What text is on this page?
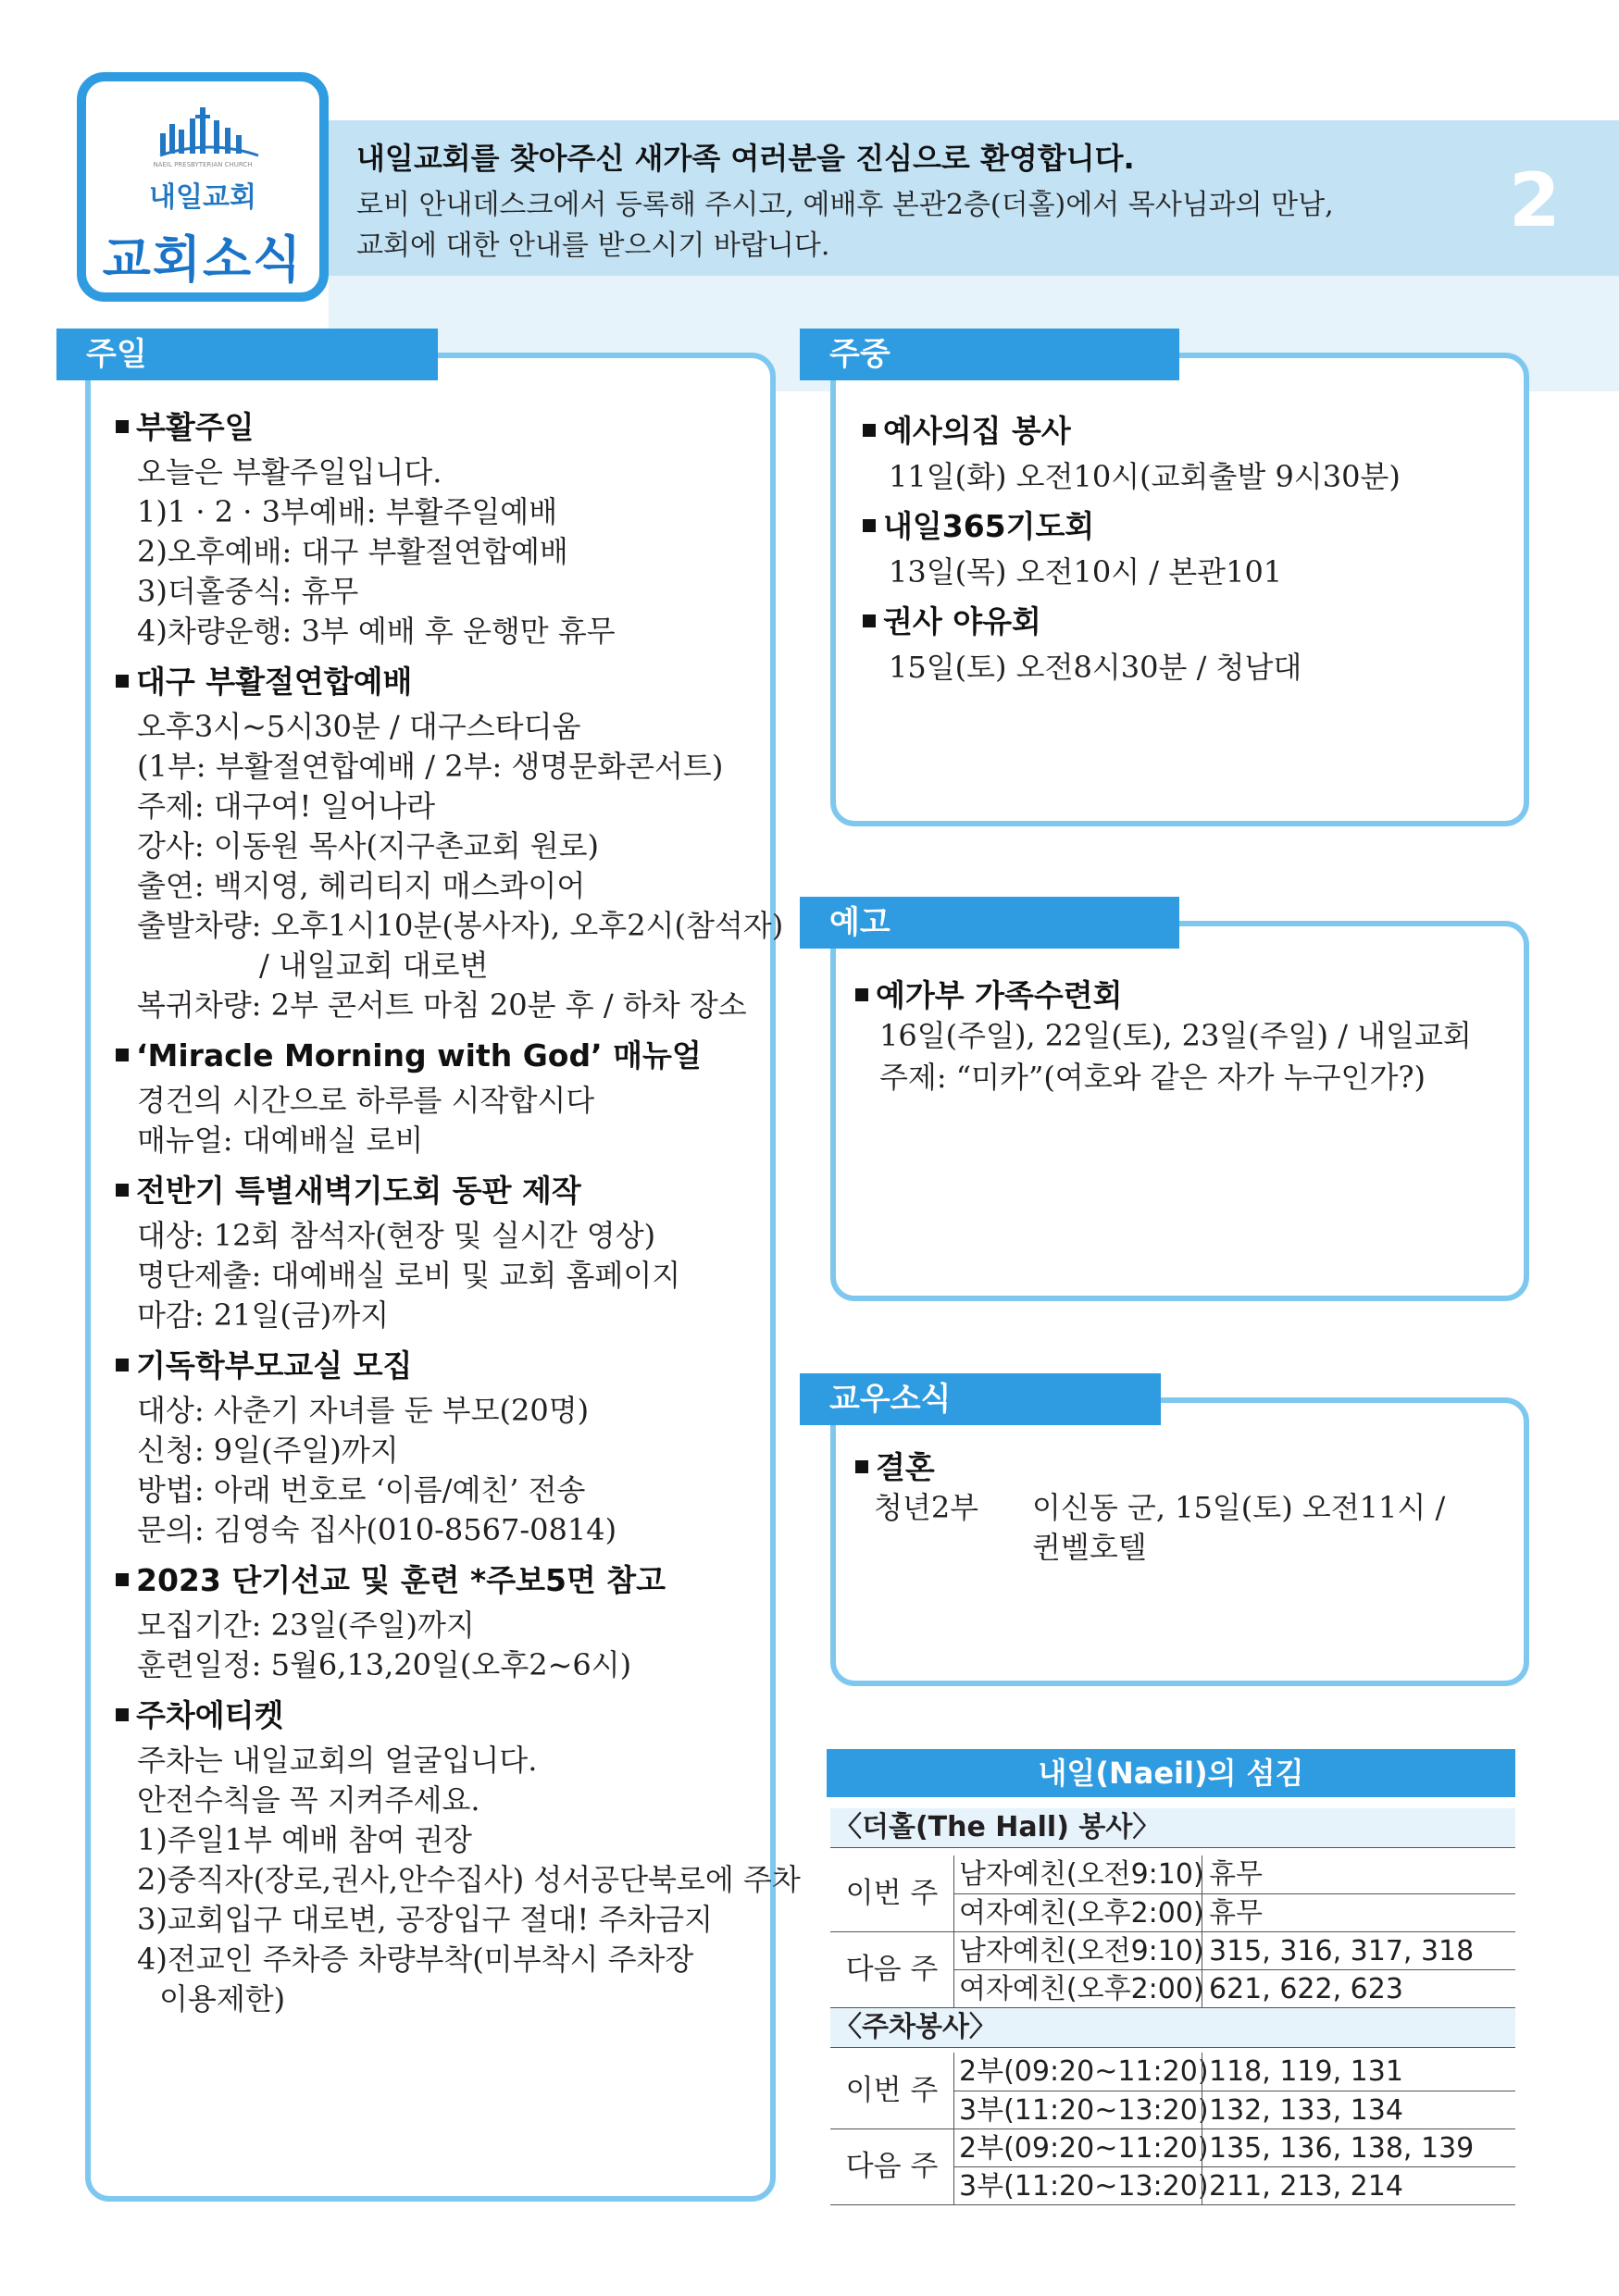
NAEIL PRESBYTERIAN CHURCH
내일교회
교회소식
내일교회를 찾아주신 새가족 여러분을 진심으로 환영합니다.
로비 안내데스크에서 등록해 주시고, 예배후 본관2층(더홀)에서 목사님과의 만남,
교회에 대한 안내를 받으시기 바랍니다.
2
주일
부활주일
오늘은 부활주일입니다.
1)1 · 2 · 3부예배: 부활주일예배
2)오후예배: 대구 부활절연합예배
3)더홀중식: 휴무
4)차량운행: 3부 예배 후 운행만 휴무
대구 부활절연합예배
오후3시~5시30분 / 대구스타디움
(1부: 부활절연합예배 / 2부: 생명문화콘서트)
주제: 대구여! 일어나라
강사: 이동원 목사(지구촌교회 원로)
출연: 백지영, 헤리티지 매스콰이어
출발차량: 오후1시10분(봉사자), 오후2시(참석자)
/ 내일교회 대로변
복귀차량: 2부 콘서트 마침 20분 후 / 하차 장소
‘Miracle Morning with God’ 매뉴얼
경건의 시간으로 하루를 시작합시다
매뉴얼: 대예배실 로비
전반기 특별새벽기도회 동판 제작
대상: 12회 참석자(현장 및 실시간 영상)
명단제출: 대예배실 로비 및 교회 홈페이지
마감: 21일(금)까지
기독학부모교실 모집
대상: 사춘기 자녀를 둔 부모(20명)
신청: 9일(주일)까지
방법: 아래 번호로 ‘이름/예친’ 전송
문의: 김영숙 집사(010-8567-0814)
2023 단기선교 및 훈련 *주보5면 참고
모집기간: 23일(주일)까지
훈련일정: 5월6,13,20일(오후2~6시)
주차에티켓
주차는 내일교회의 얼굴입니다.
안전수칙을 꼭 지켜주세요.
1)주일1부 예배 참여 권장
2)중직자(장로,권사,안수집사) 성서공단북로에 주차
3)교회입구 대로변, 공장입구 절대! 주차금지
4)전교인 주차증 차량부착(미부착시 주차장
이용제한)
주중
예사의집 봉사
11일(화) 오전10시(교회출발 9시30분)
내일365기도회
13일(목) 오전10시 / 본관101
권사 야유회
15일(토) 오전8시30분 / 청남대
예고
예가부 가족수련회
16일(주일), 22일(토), 23일(주일) / 내일교회
주제: “미카”(여호와 같은 자가 누구인가?)
교우소식
결혼
청년2부 이신동 군, 15일(토) 오전11시 /
퀸벨호텔
내일(Naeil)의 섬김
〈더홀(The Hall) 봉사〉
이번 주
다음 주
남자예친(오전9:10) 휴무
여자예친(오후2:00) 휴무
남자예친(오전9:10) 315, 316, 317, 318
여자예친(오후2:00) 621, 622, 623
〈주차봉사〉
이번 주
다음 주
2부(09:20~11:20) 118, 119, 131
3부(11:20~13:20) 132, 133, 134
2부(09:20~11:20) 135, 136, 138, 139
3부(11:20~13:20) 211, 213, 214
